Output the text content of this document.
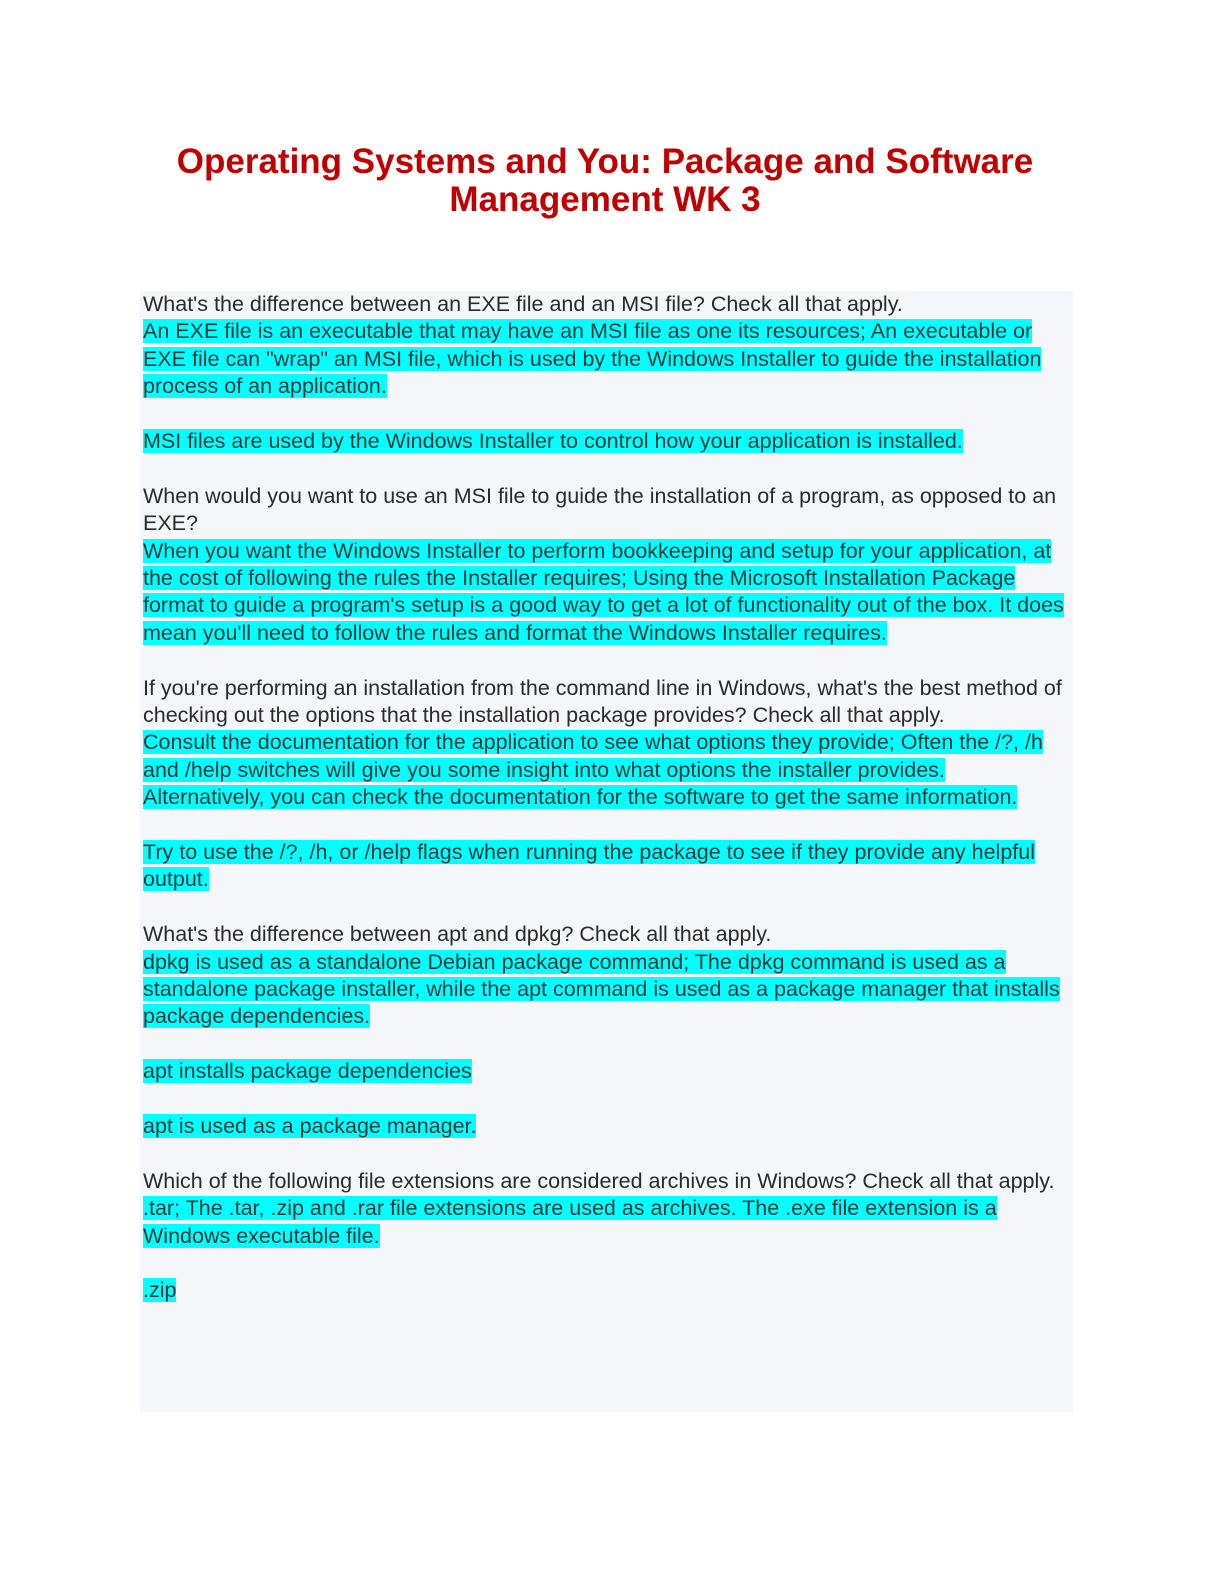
Operating Systems and You: Package and Software
Management WK 3

What's the difference between an EXE file and an MSI file? Check all that apply.

An EXE file is an executable that may have an MSI file as one its resources; An executable or EXE file can "wrap" an MSI file, which is used by the Windows Installer to guide the installation process of an application.

MSI files are used by the Windows Installer to control how your application is installed.

When would you want to use an MSI file to guide the installation of a program, as opposed to an EXE?

When you want the Windows Installer to perform bookkeeping and setup for your application, at the cost of following the rules the Installer requires; Using the Microsoft Installation Package format to guide a program's setup is a good way to get a lot of functionality out of the box. It does mean you'll need to follow the rules and format the Windows Installer requires.

If you're performing an installation from the command line in Windows, what's the best method of checking out the options that the installation package provides? Check all that apply.

Consult the documentation for the application to see what options they provide; Often the /?, /h and /help switches will give you some insight into what options the installer provides. Alternatively, you can check the documentation for the software to get the same information.

Try to use the /?, /h, or /help flags when running the package to see if they provide any helpful output.

What's the difference between apt and dpkg? Check all that apply.

dpkg is used as a standalone Debian package command; The dpkg command is used as a standalone package installer, while the apt command is used as a package manager that installs package dependencies.

apt installs package dependencies

apt is used as a package manager.

Which of the following file extensions are considered archives in Windows? Check all that apply.

.tar; The .tar, .zip and .rar file extensions are used as archives. The .exe file extension is a Windows executable file.

.zip
